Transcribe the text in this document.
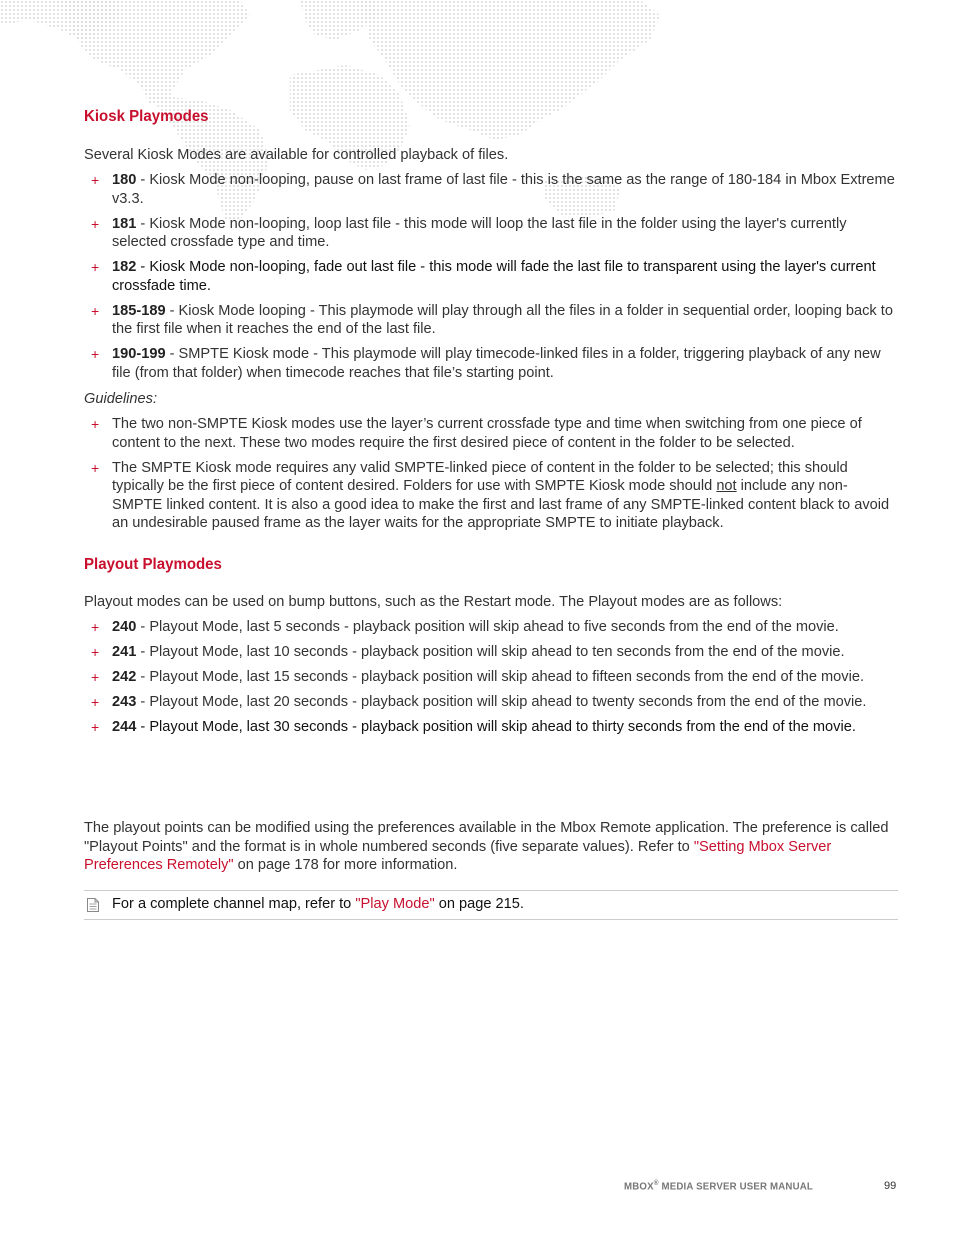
Kiosk Playmodes

Several Kiosk Modes are available for controlled playback of files.

+ 180 - Kiosk Mode non-looping, pause on last frame of last file - this is the same as the range of 180-184 in Mbox Extreme v3.3.
+ 181 - Kiosk Mode non-looping, loop last file - this mode will loop the last file in the folder using the layer's currently selected crossfade type and time.
+ 182 - Kiosk Mode non-looping, fade out last file - this mode will fade the last file to transparent using the layer's current crossfade time.
+ 185-189 - Kiosk Mode looping - This playmode will play through all the files in a folder in sequential order, looping back to the first file when it reaches the end of the last file.
+ 190-199 - SMPTE Kiosk mode - This playmode will play timecode-linked files in a folder, triggering playback of any new file (from that folder) when timecode reaches that file’s starting point.

Guidelines:

+ The two non-SMPTE Kiosk modes use the layer’s current crossfade type and time when switching from one piece of content to the next. These two modes require the first desired piece of content in the folder to be selected.
+ The SMPTE Kiosk mode requires any valid SMPTE-linked piece of content in the folder to be selected; this should typically be the first piece of content desired. Folders for use with SMPTE Kiosk mode should not include any non-SMPTE linked content. It is also a good idea to make the first and last frame of any SMPTE-linked content black to avoid an undesirable paused frame as the layer waits for the appropriate SMPTE to initiate playback.
Playout Playmodes

Playout modes can be used on bump buttons, such as the Restart mode. The Playout modes are as follows:

+ 240 - Playout Mode, last 5 seconds - playback position will skip ahead to five seconds from the end of the movie.
+ 241 - Playout Mode, last 10 seconds - playback position will skip ahead to ten seconds from the end of the movie.
+ 242 - Playout Mode, last 15 seconds - playback position will skip ahead to fifteen seconds from the end of the movie.
+ 243 - Playout Mode, last 20 seconds - playback position will skip ahead to twenty seconds from the end of the movie.
+ 244 - Playout Mode, last 30 seconds - playback position will skip ahead to thirty seconds from the end of the movie.

The playout points can be modified using the preferences available in the Mbox Remote application. The preference is called "Playout Points" and the format is in whole numbered seconds (five separate values). Refer to "Setting Mbox Server Preferences Remotely" on page 178 for more information.

For a complete channel map, refer to "Play Mode" on page 215.
MBOX® MEDIA SERVER USER MANUAL	99
